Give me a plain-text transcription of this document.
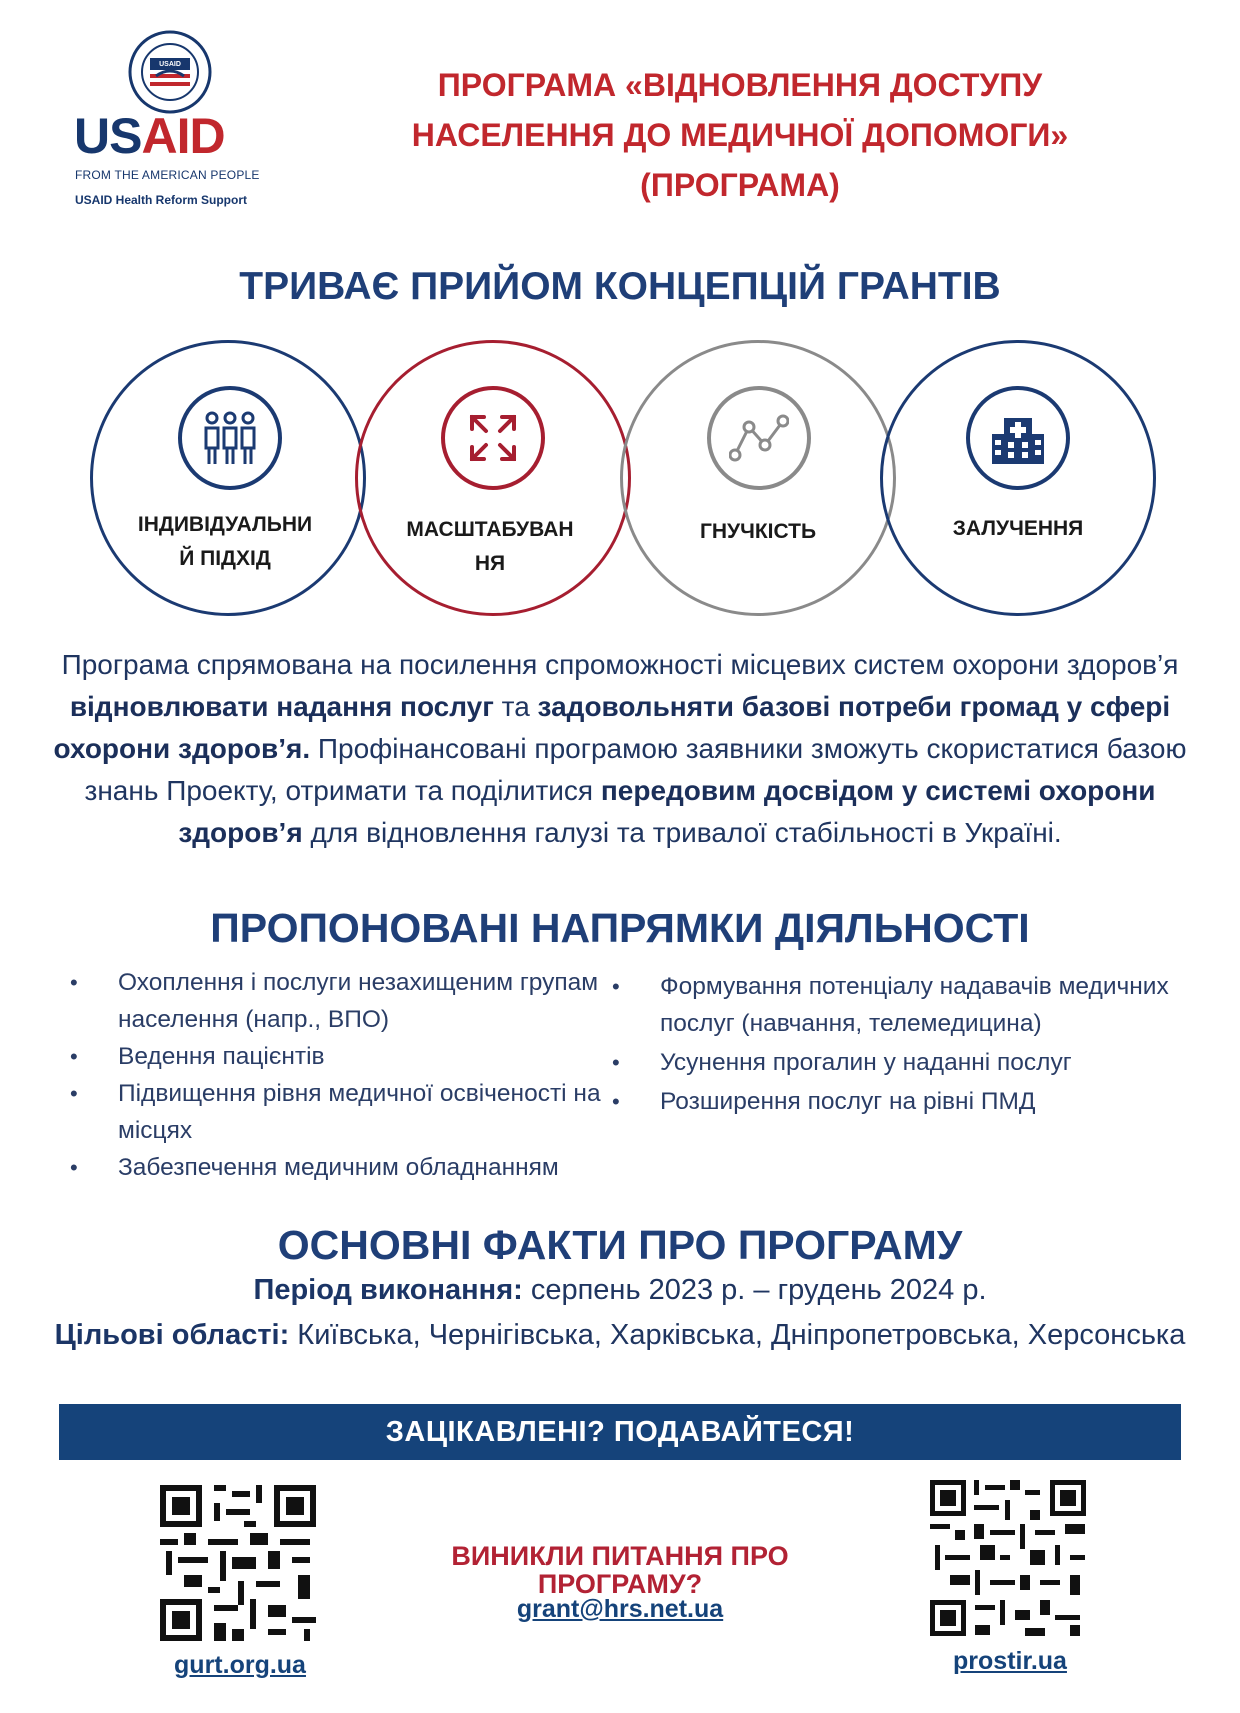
USAID
USAID
FROM THE AMERICAN PEOPLE
USAID Health Reform Support
ПРОГРАМА «ВІДНОВЛЕННЯ ДОСТУПУ
НАСЕЛЕННЯ ДО МЕДИЧНОЇ ДОПОМОГИ»
(ПРОГРАМА)
ТРИВАЄ ПРИЙОМ КОНЦЕПЦІЙ ГРАНТІВ
ІНДИВІДУАЛЬНИ
Й ПІДХІД
МАСШТАБУВАН
НЯ
ГНУЧКІСТЬ	ЗАЛУЧЕННЯ
Програма спрямована на посилення спроможності місцевих систем охорони здоров’я відновлювати надання послуг та задовольняти базові потреби громад у сфері охорони здоров’я. Профінансовані програмою заявники зможуть скористатися базою знань Проекту, отримати та поділитися передовим досвідом у системі охорони здоров’я для відновлення галузі та тривалої стабільності в Україні.
ПРОПОНОВАНІ НАПРЯМКИ ДІЯЛЬНОСТІ
• Охоплення і послуги незахищеним групам населення (напр., ВПО)
• Ведення пацієнтів
• Підвищення рівня медичної освіченості на місцях
• Забезпечення медичним обладнанням
• Формування потенціалу надавачів медичних послуг (навчання, телемедицина)
• Усунення прогалин у наданні послуг
• Розширення послуг на рівні ПМД
ОСНОВНІ ФАКТИ ПРО ПРОГРАМУ
Період виконання: серпень 2023 р. – грудень 2024 р.
Цільові області: Київська, Чернігівська, Харківська, Дніпропетровська, Херсонська
ЗАЦІКАВЛЕНІ? ПОДАВАЙТЕСЯ!
gurt.org.ua	prostir.ua
ВИНИКЛИ ПИТАННЯ ПРО ПРОГРАМУ?
grant@hrs.net.ua
